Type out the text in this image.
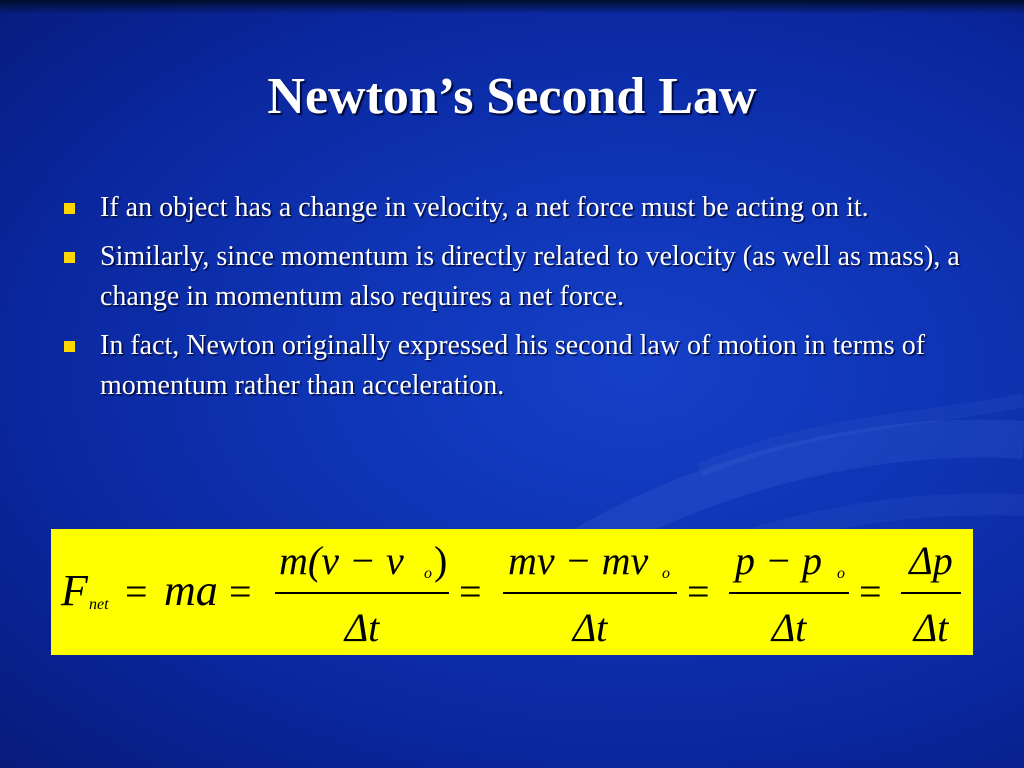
Newton’s Second Law
If an object has a change in velocity, a net force must be acting on it.
Similarly, since momentum is directly related to velocity (as well as mass), a change in momentum also requires a net force.
In fact, Newton originally expressed his second law of motion in terms of momentum rather than acceleration.
F net = ma =
m(v − v o )
Δt
=
mv − mv o
Δt
=
p − p o
Δt
=
Δp
Δt
